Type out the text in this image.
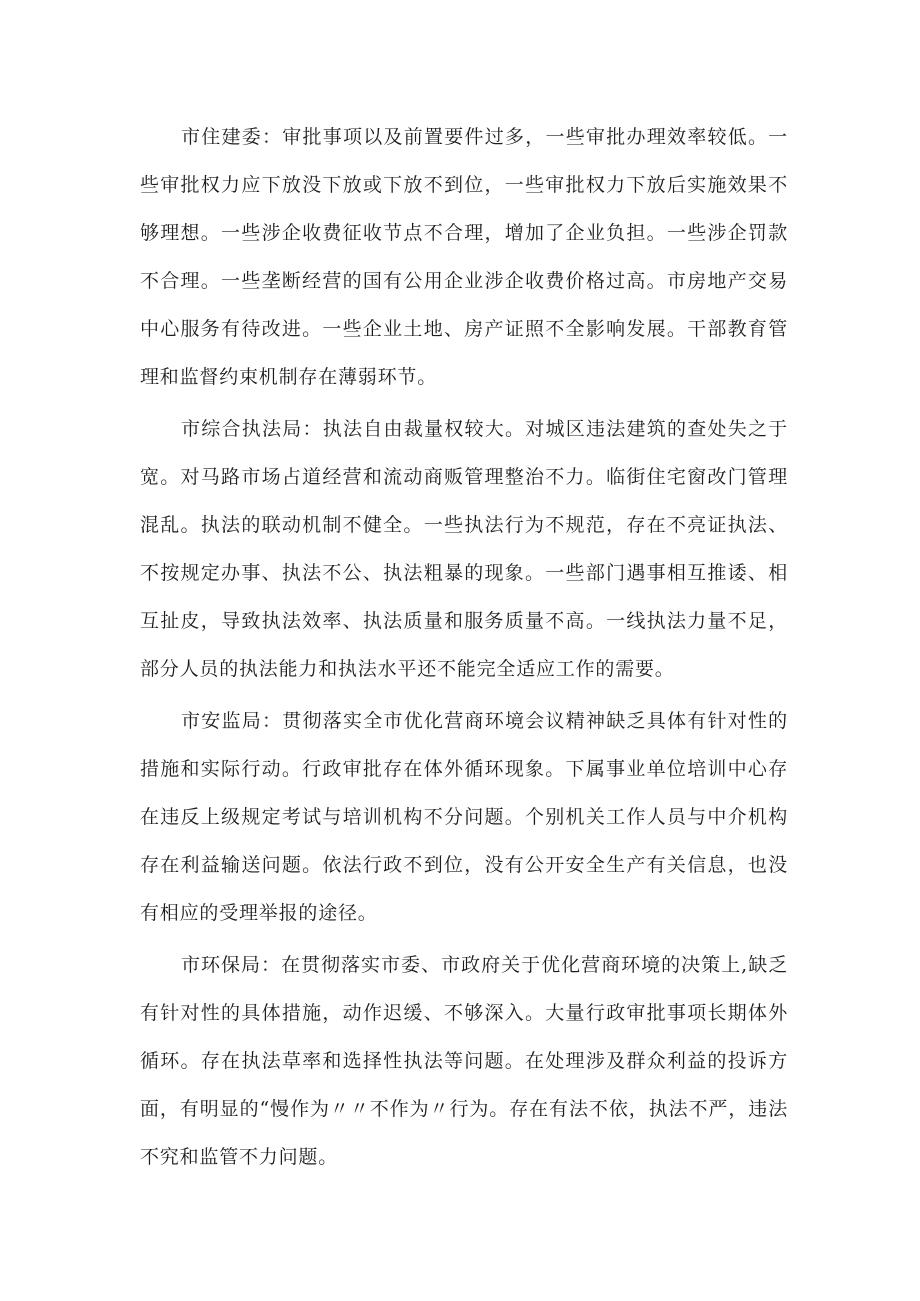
市住建委：审批事项以及前置要件过多，一些审批办理效率较低。一些审批权力应下放没下放或下放不到位，一些审批权力下放后实施效果不够理想。一些涉企收费征收节点不合理，增加了企业负担。一些涉企罚款不合理。一些垄断经营的国有公用企业涉企收费价格过高。市房地产交易中心服务有待改进。一些企业土地、房产证照不全影响发展。干部教育管理和监督约束机制存在薄弱环节。

市综合执法局：执法自由裁量权较大。对城区违法建筑的查处失之于宽。对马路市场占道经营和流动商贩管理整治不力。临街住宅窗改门管理混乱。执法的联动机制不健全。一些执法行为不规范，存在不亮证执法、不按规定办事、执法不公、执法粗暴的现象。一些部门遇事相互推诿、相互扯皮，导致执法效率、执法质量和服务质量不高。一线执法力量不足，部分人员的执法能力和执法水平还不能完全适应工作的需要。

市安监局：贯彻落实全市优化营商环境会议精神缺乏具体有针对性的措施和实际行动。行政审批存在体外循环现象。下属事业单位培训中心存在违反上级规定考试与培训机构不分问题。个别机关工作人员与中介机构存在利益输送问题。依法行政不到位，没有公开安全生产有关信息，也没有相应的受理举报的途径。

市环保局：在贯彻落实市委、市政府关于优化营商环境的决策上,缺乏有针对性的具体措施，动作迟缓、不够深入。大量行政审批事项长期体外循环。存在执法草率和选择性执法等问题。在处理涉及群众利益的投诉方面，有明显的“慢作为〃〃不作为〃行为。存在有法不依，执法不严，违法不究和监管不力问题。
